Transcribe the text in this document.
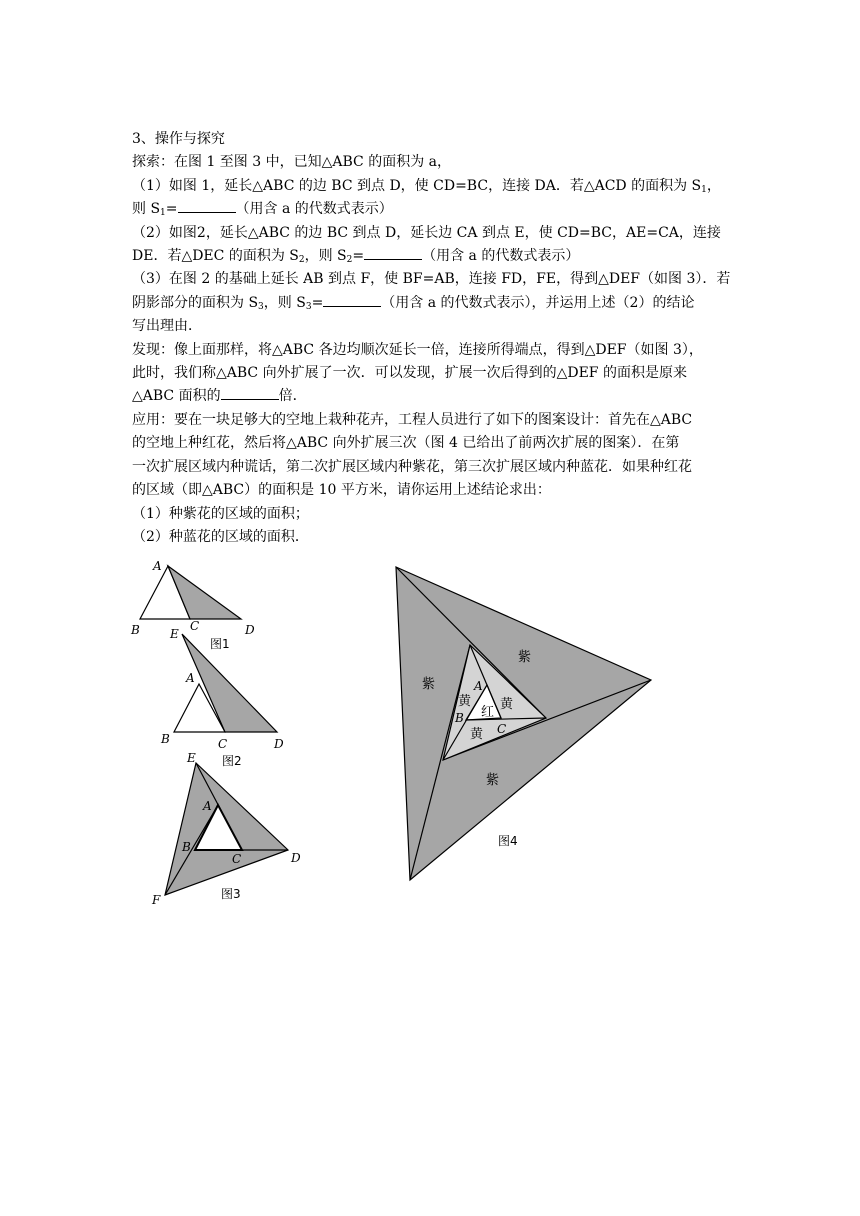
3、操作与探究
探索：在图 1 至图 3 中，已知△ABC 的面积为 a，
（1）如图 1，延长△ABC 的边 BC 到点 D，使 CD=BC，连接 DA．若△ACD 的面积为 $S_1$，
则 $S_1=$	（用含 a 的代数式表示）
（2）如图2，延长△ABC 的边 BC 到点 D，延长边 CA 到点 E，使 CD=BC，AE=CA，连接
DE．若△DEC 的面积为 $S_2$，则 $S_2=$	（用含 a 的代数式表示）
（3）在图 2 的基础上延长 AB 到点 F，使 BF=AB，连接 FD，FE，得到△DEF（如图 3）．若
阴影部分的面积为 $S_3$，则 $S_3=$	（用含 a 的代数式表示），并运用上述（2）的结论
写出理由．
发现：像上面那样，将△ABC 各边均顺次延长一倍，连接所得端点，得到△DEF（如图 3），
此时，我们称△ABC 向外扩展了一次．可以发现，扩展一次后得到的△DEF 的面积是原来
△ABC 面积的	倍．
应用：要在一块足够大的空地上栽种花卉，工程人员进行了如下的图案设计：首先在△ABC
的空地上种红花，然后将△ABC 向外扩展三次（图 4 已给出了前两次扩展的图案）．在第
一次扩展区域内种谎话，第二次扩展区域内种紫花，第三次扩展区域内种蓝花．如果种红花
的区域（即△ABC）的面积是 10 平方米，请你运用上述结论求出：
（1）种紫花的区域的面积；
（2）种蓝花的区域的面积．
A
B	C	D
图1
E
A
B	C	D
图2
E
A
B
C	D
F	图3
A
B
C
红
黄 黄
黄
紫
紫
紫
图4
